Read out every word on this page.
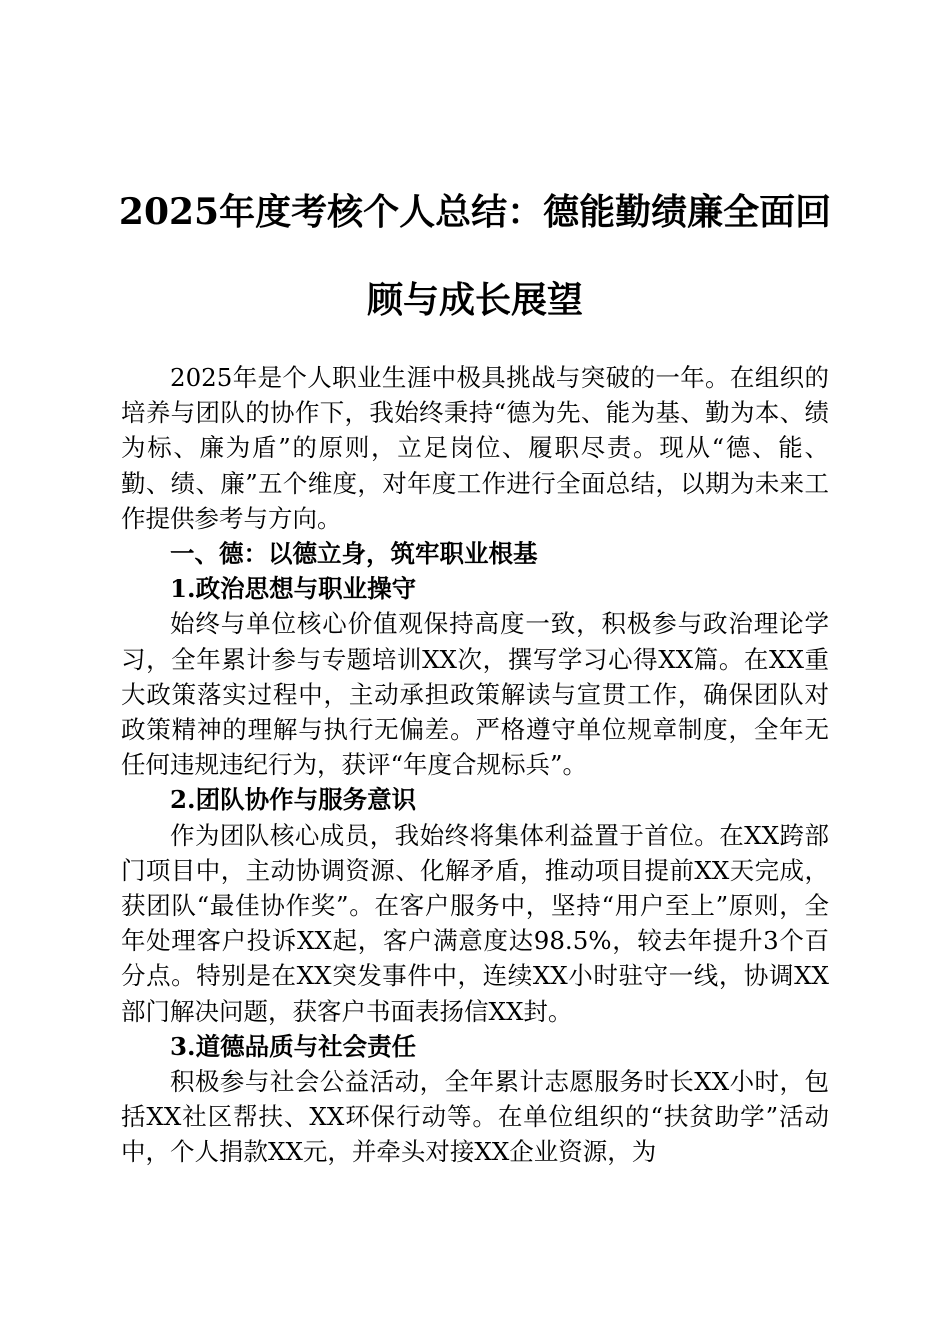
2025年度考核个人总结：德能勤绩廉全面回
顾与成长展望

2025年是个人职业生涯中极具挑战与突破的一年。在组织的培养与团队的协作下，我始终秉持“德为先、能为基、勤为本、绩为标、廉为盾”的原则，立足岗位、履职尽责。现从“德、能、勤、绩、廉”五个维度，对年度工作进行全面总结，以期为未来工作提供参考与方向。

一、德：以德立身，筑牢职业根基

1.政治思想与职业操守

始终与单位核心价值观保持高度一致，积极参与政治理论学习，全年累计参与专题培训XX次，撰写学习心得XX篇。在XX重大政策落实过程中，主动承担政策解读与宣贯工作，确保团队对政策精神的理解与执行无偏差。严格遵守单位规章制度，全年无任何违规违纪行为，获评“年度合规标兵”。

2.团队协作与服务意识

作为团队核心成员，我始终将集体利益置于首位。在XX跨部门项目中，主动协调资源、化解矛盾，推动项目提前XX天完成，获团队“最佳协作奖”。在客户服务中，坚持“用户至上”原则，全年处理客户投诉XX起，客户满意度达98.5%，较去年提升3个百分点。特别是在XX突发事件中，连续XX小时驻守一线，协调XX部门解决问题，获客户书面表扬信XX封。

3.道德品质与社会责任

积极参与社会公益活动，全年累计志愿服务时长XX小时，包括XX社区帮扶、XX环保行动等。在单位组织的“扶贫助学”活动中，个人捐款XX元，并牵头对接XX企业资源，为
